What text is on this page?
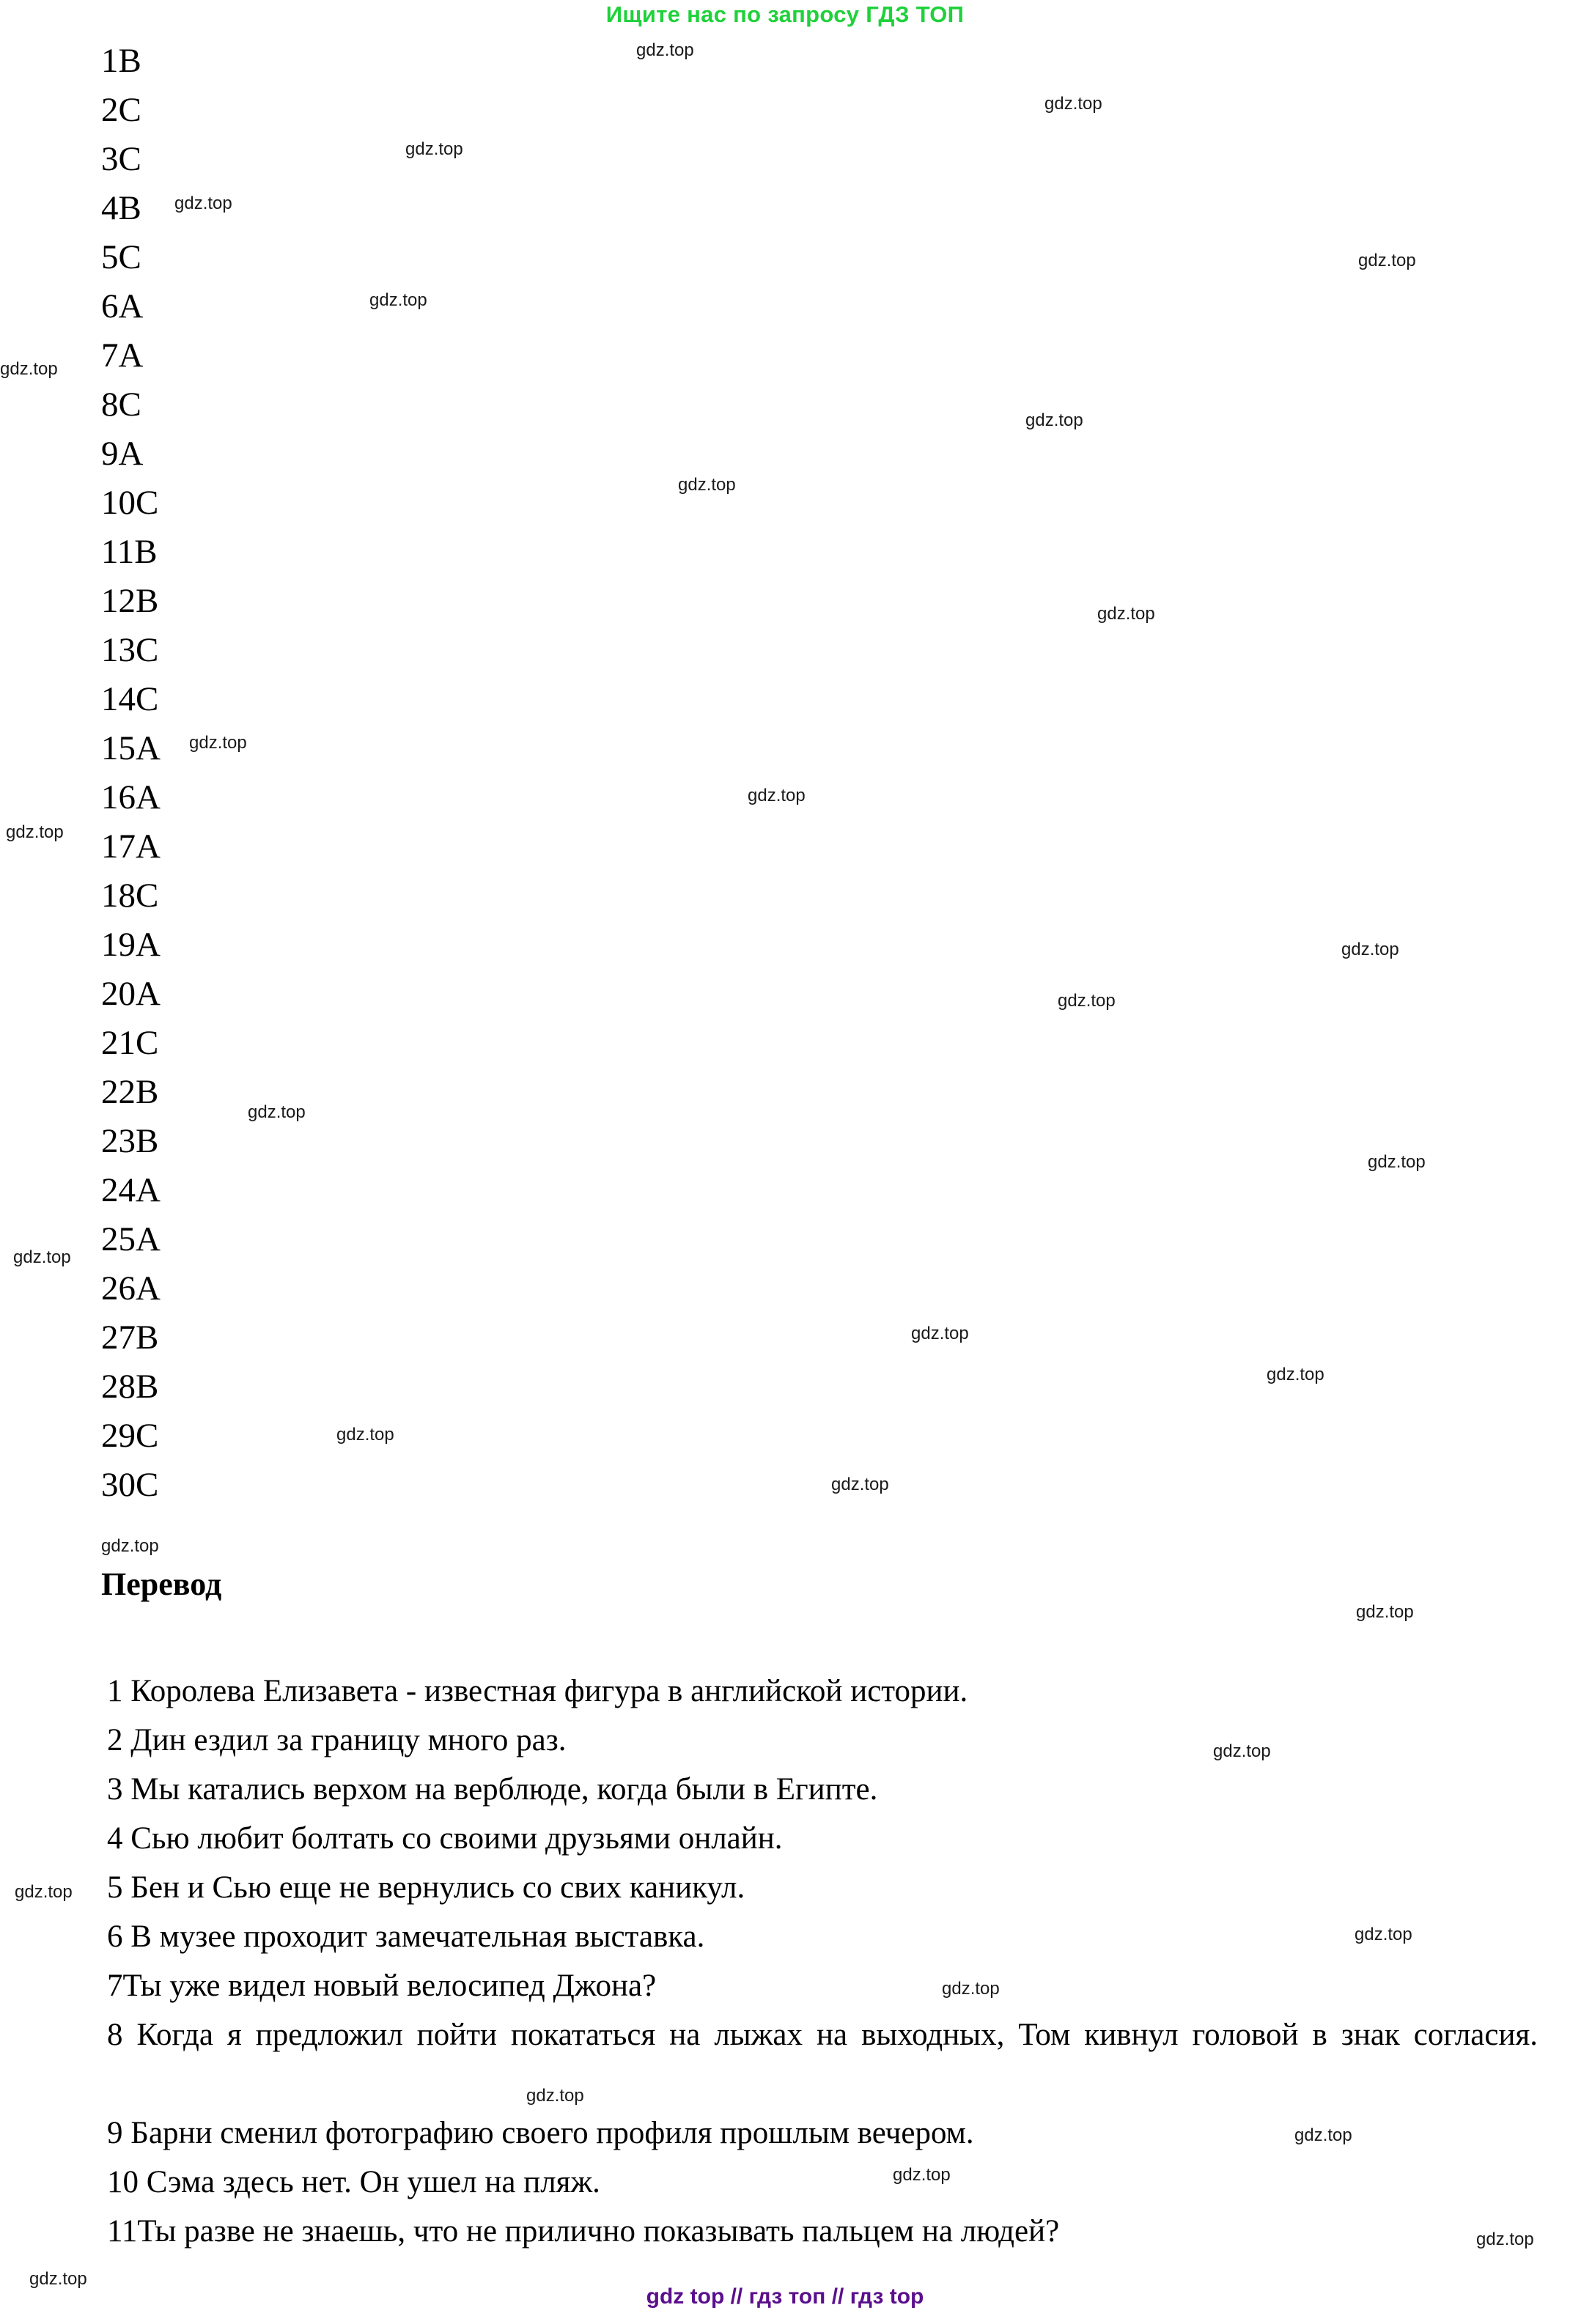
Ищите нас по запросу ГДЗ ТОП
1B
2C
3C
4B
5C
6A
7A
8C
9A
10C
11B
12B
13C
14C
15A
16A
17A
18C
19A
20A
21C
22B
23B
24A
25A
26A
27B
28B
29C
30C
Перевод

1 Королева Елизавета - известная фигура в английской истории.

2 Дин ездил за границу много раз.

3 Мы катались верхом на верблюде, когда были в Египте.

4 Сью любит болтать со своими друзьями онлайн.

5 Бен и Сью еще не вернулись со свих каникул.

6 В музее проходит замечательная выставка.

7Ты уже видел новый велосипед Джона?

8 Когда я предложил пойти покататься на лыжах на выходных, Том кивнул головой в знак согласия.

9 Барни сменил фотографию своего профиля прошлым вечером.

10 Сэма здесь нет. Он ушел на пляж.

11Ты разве не знаешь, что не прилично показывать пальцем на людей?

gdz top // гдз топ // гдз top
gdz.top
gdz.top
gdz.top
gdz.top
gdz.top
gdz.top
gdz.top
gdz.top
gdz.top
gdz.top
gdz.top
gdz.top
gdz.top
gdz.top
gdz.top
gdz.top
gdz.top
gdz.top
gdz.top
gdz.top
gdz.top
gdz.top
gdz.top
gdz.top
gdz.top
gdz.top
gdz.top
gdz.top
gdz.top
gdz.top
gdz.top
gdz.top
gdz.top
